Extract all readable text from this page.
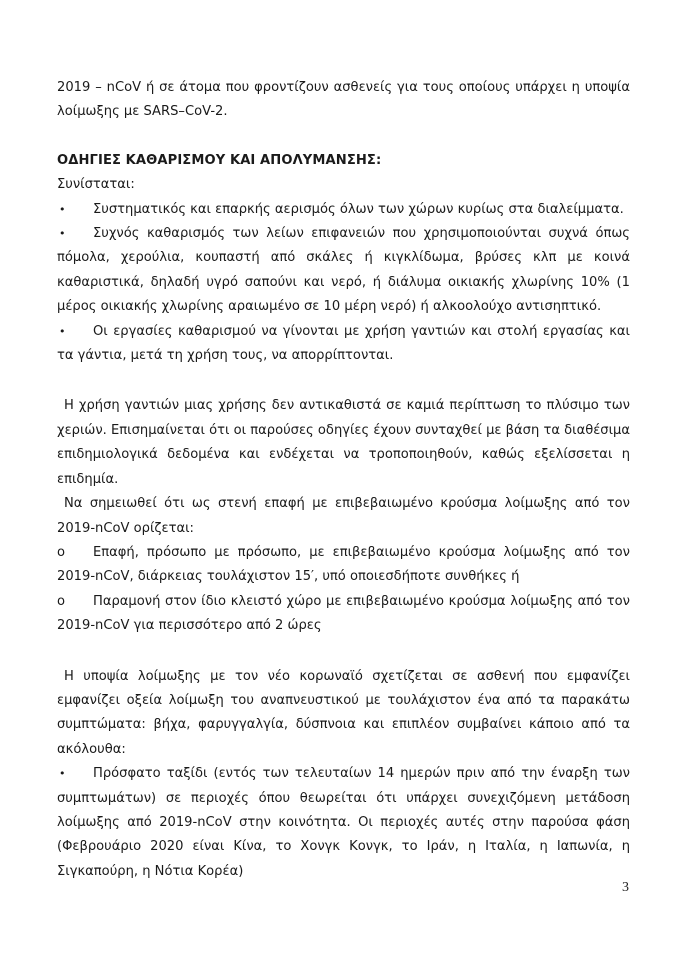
2019 – nCoV ή σε άτομα που φροντίζουν ασθενείς για τους οποίους υπάρχει η υποψία λοίμωξης με SARS–CoV-2.

ΟΔΗΓΙΕΣ ΚΑΘΑΡΙΣΜΟΥ ΚΑΙ ΑΠΟΛΥΜΑΝΣΗΣ:

Συνίσταται:

• Συστηματικός και επαρκής αερισμός όλων των χώρων κυρίως στα διαλείμματα.
• Συχνός καθαρισμός των λείων επιφανειών που χρησιμοποιούνται συχνά όπως πόμολα, χερούλια, κουπαστή από σκάλες ή κιγκλίδωμα, βρύσες κλπ με κοινά καθαριστικά, δηλαδή υγρό σαπούνι και νερό, ή διάλυμα οικιακής χλωρίνης 10% (1 μέρος οικιακής χλωρίνης αραιωμένο σε 10 μέρη νερό) ή αλκοολούχο αντισηπτικό.
• Οι εργασίες καθαρισμού να γίνονται με χρήση γαντιών και στολή εργασίας και τα γάντια, μετά τη χρήση τους, να απορρίπτονται.

Η χρήση γαντιών μιας χρήσης δεν αντικαθιστά σε καμιά περίπτωση το πλύσιμο των χεριών. Επισημαίνεται ότι οι παρούσες οδηγίες έχουν συνταχθεί με βάση τα διαθέσιμα επιδημιολογικά δεδομένα και ενδέχεται να τροποποιηθούν, καθώς εξελίσσεται η επιδημία.

Να σημειωθεί ότι ως στενή επαφή με επιβεβαιωμένο κρούσμα λοίμωξης από τον 2019-nCoV ορίζεται:

o Επαφή, πρόσωπο με πρόσωπο, με επιβεβαιωμένο κρούσμα λοίμωξης από τον 2019-nCoV, διάρκειας τουλάχιστον 15′, υπό οποιεσδήποτε συνθήκες ή
o Παραμονή στον ίδιο κλειστό χώρο με επιβεβαιωμένο κρούσμα λοίμωξης από τον 2019-nCoV για περισσότερο από 2 ώρες

Η υποψία λοίμωξης με τον νέο κορωναϊό σχετίζεται σε ασθενή που εμφανίζει εμφανίζει οξεία λοίμωξη του αναπνευστικού με τουλάχιστον ένα από τα παρακάτω συμπτώματα: βήχα, φαρυγγαλγία, δύσπνοια και επιπλέον συμβαίνει κάποιο από τα ακόλουθα:

• Πρόσφατο ταξίδι (εντός των τελευταίων 14 ημερών πριν από την έναρξη των συμπτωμάτων) σε περιοχές όπου θεωρείται ότι υπάρχει συνεχιζόμενη μετάδοση λοίμωξης από 2019-nCoV στην κοινότητα. Οι περιοχές αυτές στην παρούσα φάση (Φεβρουάριο 2020 είναι Κίνα, το Χονγκ Κονγκ, το Ιράν, η Ιταλία, η Ιαπωνία, η Σιγκαπούρη, η Νότια Κορέα)
3
